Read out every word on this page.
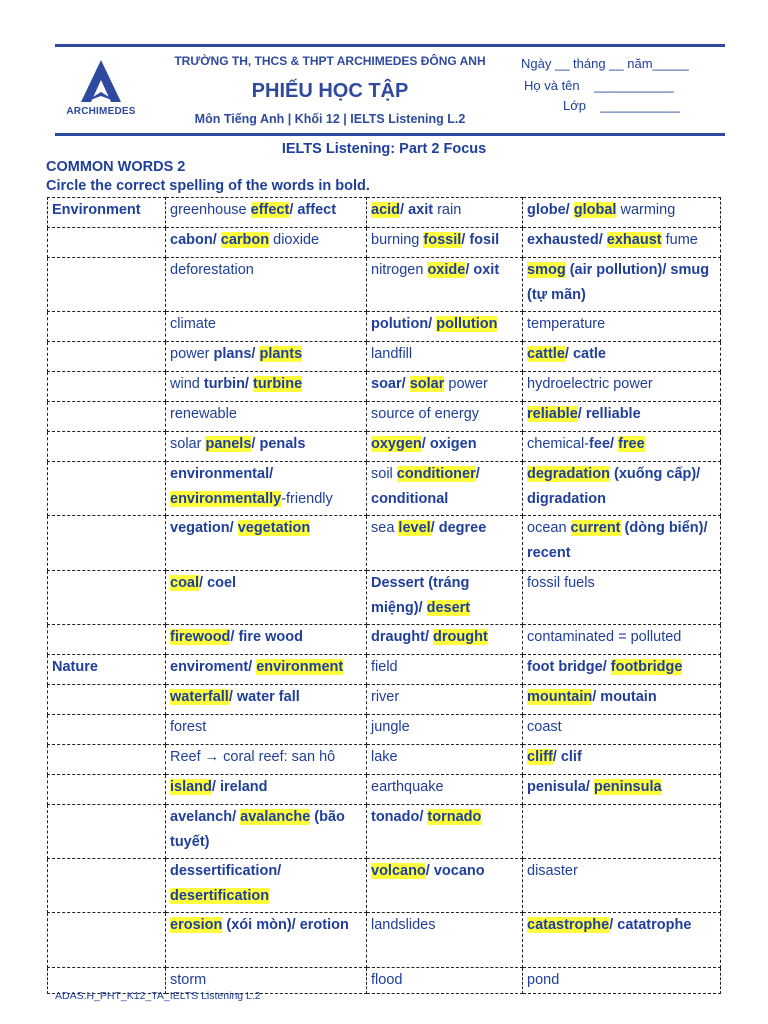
ARCHIMEDES
TRƯỜNG TH, THCS & THPT ARCHIMEDES ĐÔNG ANH
PHIẾU HỌC TẬP
Môn Tiếng Anh | Khối 12 | IELTS Listening L.2
Ngày __ tháng __ năm_____
Họ và tên    ___________
Lớp    ___________
IELTS Listening: Part 2 Focus
COMMON WORDS 2
Circle the correct spelling of the words in bold.
Environment	greenhouse effect/ affect	acid/ axit rain	globe/ global warming
	cabon/ carbon dioxide	burning fossil/ fosil	exhausted/ exhaust fume
	deforestation	nitrogen oxide/ oxit	smog (air pollution)/ smug (tự mãn)
	climate	polution/ pollution	temperature
	power plans/ plants	landfill	cattle/ catle
	wind turbin/ turbine	soar/ solar power	hydroelectric power
	renewable	source of energy	reliable/ relliable
	solar panels/ penals	oxygen/ oxigen	chemical-fee/ free
	environmental/ environmentally-friendly	soil conditioner/ conditional	degradation (xuống cấp)/ digradation
	vegation/ vegetation	sea level/ degree	ocean current (dòng biển)/ recent
	coal/ coel	Dessert (tráng miệng)/ desert	fossil fuels
	firewood/ fire wood	draught/ drought	contaminated = polluted
Nature	enviroment/ environment	field	foot bridge/ footbridge
	waterfall/ water fall	river	mountain/ moutain
	forest	jungle	coast
	Reef → coral reef: san hô	lake	cliff/ clif
	island/ ireland	earthquake	penisula/ peninsula
	avelanch/ avalanche (bão tuyết)	tonado/ tornado	
	dessertification/ desertification	volcano/ vocano	disaster
	erosion (xói mòn)/ erotion	landslides	catastrophe/ catatrophe
	storm	flood	pond
ADAS.H_PHT_K12_TA_IELTS Listening L.2
